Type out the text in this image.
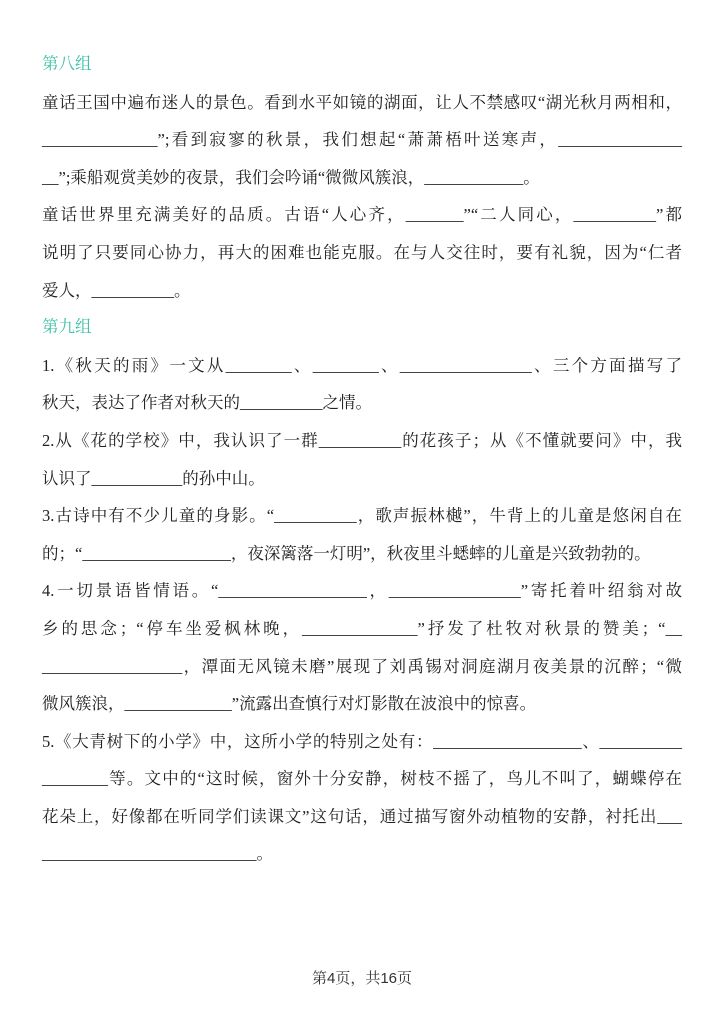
第八组
童话王国中遍布迷人的景色。看到水平如镜的湖面，让人不禁感叹“湖光秋月两相和，
______________”;看到寂寥的秋景，我们想起“萧萧梧叶送寒声，_______________
__”;乘船观赏美妙的夜景，我们会吟诵“微微风簇浪，____________。
童话世界里充满美好的品质。古语“人心齐，_______”“二人同心，__________”都
说明了只要同心协力，再大的困难也能克服。在与人交往时，要有礼貌，因为“仁者
爱人，__________。
第九组
1.《秋天的雨》一文从________、________、________________、三个方面描写了
秋天，表达了作者对秋天的__________之情。
2.从《花的学校》中，我认识了一群__________的花孩子；从《不懂就要问》中，我
认识了___________的孙中山。
3.古诗中有不少儿童的身影。“__________，歌声振林樾”，牛背上的儿童是悠闲自在
的；“__________________，夜深篱落一灯明”，秋夜里斗蟋蟀的儿童是兴致勃勃的。
4.一切景语皆情语。“__________________，________________”寄托着叶绍翁对故
乡的思念；“停车坐爱枫林晚，______________”抒发了杜牧对秋景的赞美；“__
_________________，潭面无风镜未磨”展现了刘禹锡对洞庭湖月夜美景的沉醉；“微
微风簇浪，_____________”流露出查慎行对灯影散在波浪中的惊喜。
5.《大青树下的小学》中，这所小学的特别之处有：__________________、__________
________等。文中的“这时候，窗外十分安静，树枝不摇了，鸟儿不叫了，蝴蝶停在
花朵上，好像都在听同学们读课文”这句话，通过描写窗外动植物的安静，衬托出___
__________________________。
第4页，共16页
